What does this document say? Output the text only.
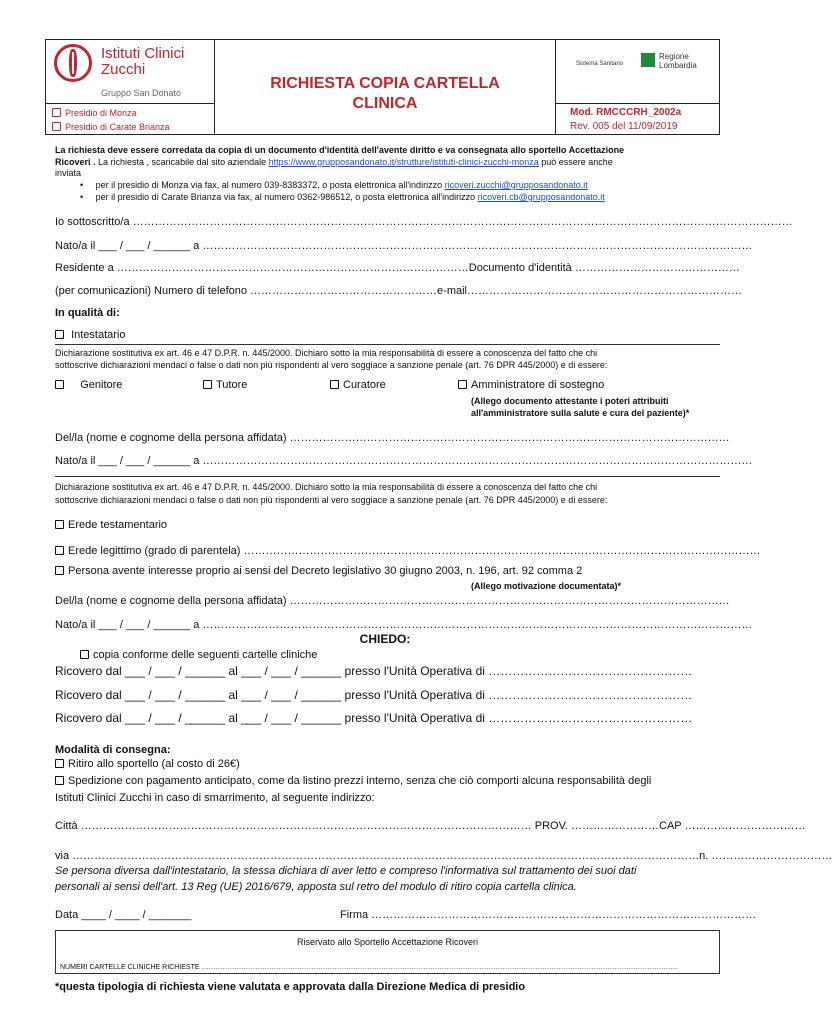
Istituti Clinici
Zucchi
Gruppo San Donato
Presidio di Monza
Presidio di Carate Brianza

RICHIESTA COPIA CARTELLA
CLINICA

Sistema Sanitario
Regione
Lombardia
Mod. RMCCCRH_2002a
Rev. 005 del 11/09/2019
La richiesta deve essere corredata da copia di un documento d'identità dell'avente diritto e va consegnata allo sportello Accettazione
Ricoveri . La richiesta , scaricabile dal sito aziendale https://www.grupposandonato.it/strutture/istituti-clinici-zucchi-monza può essere anche
inviata
•     per il presidio di Monza via fax, al numero 039-8383372, o posta elettronica all'indirizzo ricoveri.zucchi@grupposandonato.it
•     per il presidio di Carate Brianza via fax, al numero 0362-986512, o posta elettronica all'indirizzo ricoveri.cb@grupposandonato.it
Io sottoscritto/a ………………………………………………………………………………………………………………………………………………………………
Nato/a il ___ / ___ / ______ a ……………………………………………………………………………………………………………………………………
Residente a ……………………………………………………………………………………Documento d'identità ………………………………………
(per comunicazioni) Numero di telefono ……………………………………………e-mail…………………………………………………………………
In qualità di:
Intestatario
Dichiarazione sostitutiva ex art. 46 e 47 D.P.R. n. 445/2000. Dichiaro sotto la mia responsabilità di essere a conoscenza del fatto che chi
sottoscrive dichiarazioni mendaci o false o dati non più rispondenti al vero soggiace a sanzione penale (art. 76 DPR 445/2000) e di essere:
Genitore	Tutore	Curatore	Amministratore di sostegno
(Allego documento attestante i poteri attribuiti
all'amministratore sulla salute e cura del paziente)*
Del/la (nome e cognome della persona affidata) …………………………………………………………………………………………………………
Nato/a il ___ / ___ / ______ a ……………………………………………………………………………………………………………………………………
Dichiarazione sostitutiva ex art. 46 e 47 D.P.R. n. 445/2000. Dichiaro sotto la mia responsabilità di essere a conoscenza del fatto che chi
sottoscrive dichiarazioni mendaci o false o dati non più rispondenti al vero soggiace a sanzione penale (art. 76 DPR 445/2000) e di essere:
Erede testamentario
Erede legittimo (grado di parentela) ……………………………………………………………………………………………………………………………
Persona avente interesse proprio ai sensi del Decreto legislativo 30 giugno 2003, n. 196, art. 92 comma 2
(Allego motivazione documentata)*
Del/la (nome e cognome della persona affidata) …………………………………………………………………………………………………………
Nato/a il ___ / ___ / ______ a ……………………………………………………………………………………………………………………………………
CHIEDO:
copia conforme delle seguenti cartelle cliniche
Ricovero dal ___ / ___ / ______ al ___ / ___ / ______ presso l'Unità Operativa di ……………………………………………
Ricovero dal ___ / ___ / ______ al ___ / ___ / ______ presso l'Unità Operativa di ……………………………………………
Ricovero dal ___ / ___ / ______ al ___ / ___ / ______ presso l'Unità Operativa di ……………………………………………
Modalità di consegna:
Ritiro allo sportello (al costo di 26€)
Spedizione con pagamento anticipato, come da listino prezzi interno, senza che ciò comporti alcuna responsabilità degli
Istituti Clinici Zucchi in caso di smarrimento, al seguente indirizzo:
Città …………………………………………………………………………………………………………… PROV. ……………………CAP ……………………………
via ………………………………………………………………………………………………………………………………………………………n. ……………………………
Se persona diversa dall'intestatario, la stessa dichiara di aver letto e compreso l'informativa sul trattamento dei suoi dati
personali ai sensi dell'art. 13 Reg (UE) 2016/679, apposta sul retro del modulo di ritiro copia cartella clinica.
Data ____ / ____ / _______	Firma ……………………………………………………………………………………………
Riservato allo Sportello Accettazione Ricoveri
NUMERI CARTELLE CLINICHE RICHIESTE ……………………………………………………………………………………………………………………………………………………………………………………
*questa tipologia di richiesta viene valutata e approvata dalla Direzione Medica di presidio
